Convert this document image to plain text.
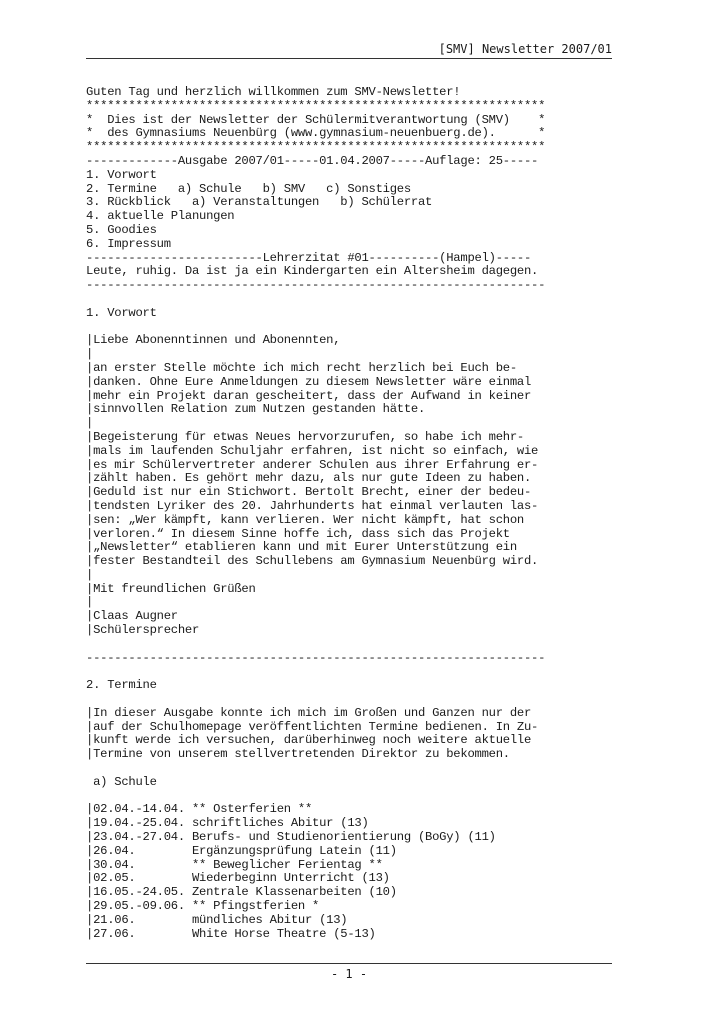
[SMV] Newsletter 2007/01
Guten Tag und herzlich willkommen zum SMV-Newsletter!
*****************************************************************
*  Dies ist der Newsletter der Schülermitverantwortung (SMV)    *
*  des Gymnasiums Neuenbürg (www.gymnasium-neuenbuerg.de).      *
*****************************************************************
-------------Ausgabe 2007/01-----01.04.2007-----Auflage: 25-----
1. Vorwort
2. Termine   a) Schule   b) SMV   c) Sonstiges
3. Rückblick   a) Veranstaltungen   b) Schülerrat
4. aktuelle Planungen
5. Goodies
6. Impressum
-------------------------Lehrerzitat #01----------(Hampel)-----
Leute, ruhig. Da ist ja ein Kindergarten ein Altersheim dagegen.
-----------------------------------------------------------------
1. Vorwort
|Liebe Abonenntinnen und Abonennten,
|
|an erster Stelle möchte ich mich recht herzlich bei Euch be-
|danken. Ohne Eure Anmeldungen zu diesem Newsletter wäre einmal
|mehr ein Projekt daran gescheitert, dass der Aufwand in keiner
|sinnvollen Relation zum Nutzen gestanden hätte.
|
|Begeisterung für etwas Neues hervorzurufen, so habe ich mehr-
|mals im laufenden Schuljahr erfahren, ist nicht so einfach, wie
|es mir Schülervertreter anderer Schulen aus ihrer Erfahrung er-
|zählt haben. Es gehört mehr dazu, als nur gute Ideen zu haben.
|Geduld ist nur ein Stichwort. Bertolt Brecht, einer der bedeu-
|tendsten Lyriker des 20. Jahrhunderts hat einmal verlauten las-
|sen: „Wer kämpft, kann verlieren. Wer nicht kämpft, hat schon
|verloren.“ In diesem Sinne hoffe ich, dass sich das Projekt
|„Newsletter“ etablieren kann und mit Eurer Unterstützung ein
|fester Bestandteil des Schullebens am Gymnasium Neuenbürg wird.
|
|Mit freundlichen Grüßen
|
|Claas Augner
|Schülersprecher
-----------------------------------------------------------------
2. Termine
|In dieser Ausgabe konnte ich mich im Großen und Ganzen nur der
|auf der Schulhomepage veröffentlichten Termine bedienen. In Zu-
|kunft werde ich versuchen, darüberhinweg noch weitere aktuelle
|Termine von unserem stellvertretenden Direktor zu bekommen.
a) Schule
|02.04.-14.04. ** Osterferien **
|19.04.-25.04. schriftliches Abitur (13)
|23.04.-27.04. Berufs- und Studienorientierung (BoGy) (11)
|26.04.        Ergänzungsprüfung Latein (11)
|30.04.        ** Beweglicher Ferientag **
|02.05.        Wiederbeginn Unterricht (13)
|16.05.-24.05. Zentrale Klassenarbeiten (10)
|29.05.-09.06. ** Pfingstferien *
|21.06.        mündliches Abitur (13)
|27.06.        White Horse Theatre (5-13)
- 1 -
